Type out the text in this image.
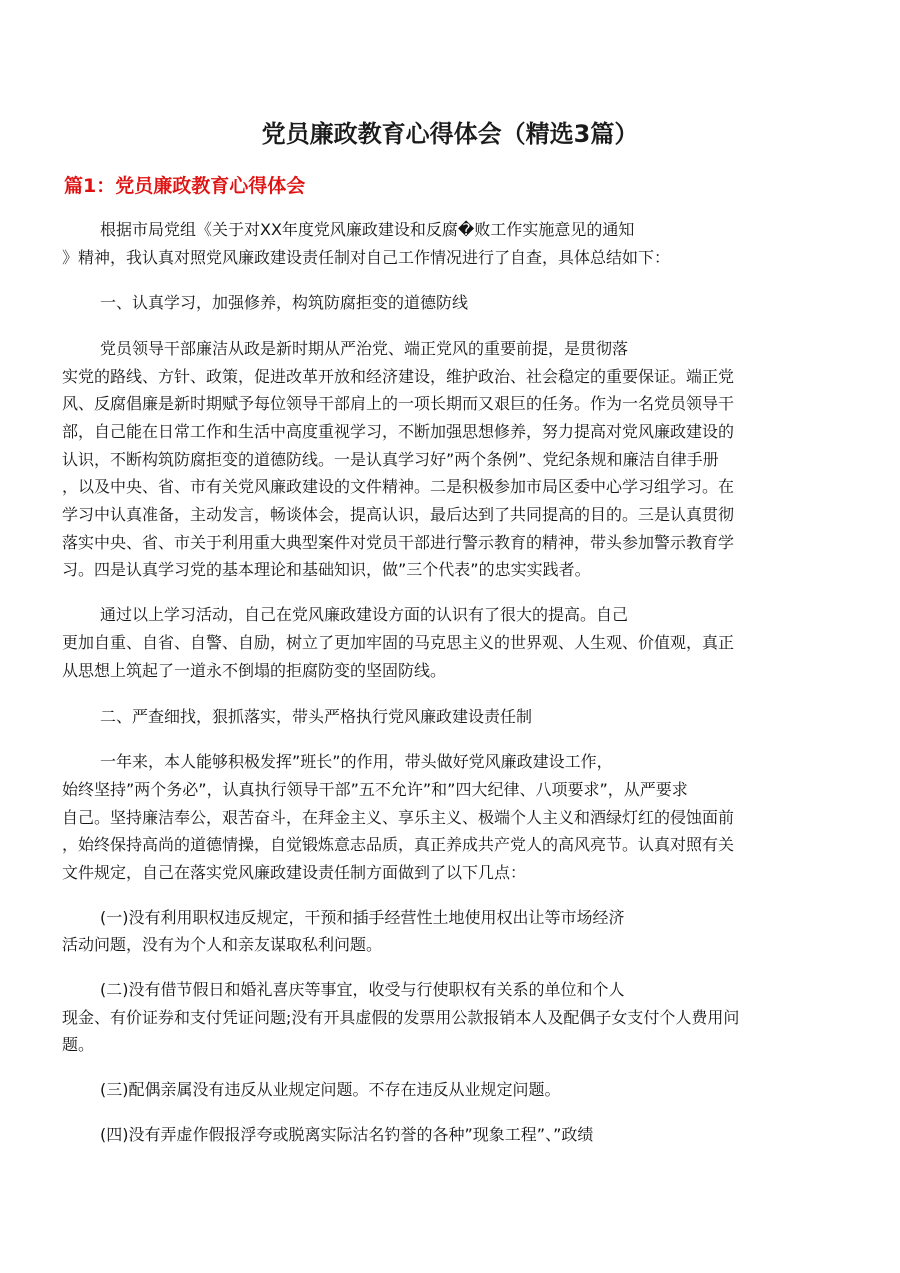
党员廉政教育心得体会（精选3篇）
篇1：党员廉政教育心得体会
根据市局党组《关于对XX年度党风廉政建设和反腐�败工作实施意见的通知
》精神，我认真对照党风廉政建设责任制对自己工作情况进行了自查，具体总结如下：
一、认真学习，加强修养，构筑防腐拒变的道德防线
党员领导干部廉洁从政是新时期从严治党、端正党风的重要前提，是贯彻落
实党的路线、方针、政策，促进改革开放和经济建设，维护政治、社会稳定的重要保证。端正党
风、反腐倡廉是新时期赋予每位领导干部肩上的一项长期而又艰巨的任务。作为一名党员领导干
部，自己能在日常工作和生活中高度重视学习，不断加强思想修养，努力提高对党风廉政建设的
认识，不断构筑防腐拒变的道德防线。一是认真学习好”两个条例”、党纪条规和廉洁自律手册
，以及中央、省、市有关党风廉政建设的文件精神。二是积极参加市局区委中心学习组学习。在
学习中认真准备，主动发言，畅谈体会，提高认识，最后达到了共同提高的目的。三是认真贯彻
落实中央、省、市关于利用重大典型案件对党员干部进行警示教育的精神，带头参加警示教育学
习。四是认真学习党的基本理论和基础知识，做”三个代表”的忠实实践者。
通过以上学习活动，自己在党风廉政建设方面的认识有了很大的提高。自己
更加自重、自省、自警、自励，树立了更加牢固的马克思主义的世界观、人生观、价值观，真正
从思想上筑起了一道永不倒塌的拒腐防变的坚固防线。
二、严查细找，狠抓落实，带头严格执行党风廉政建设责任制
一年来，本人能够积极发挥”班长”的作用，带头做好党风廉政建设工作，
始终坚持”两个务必”，认真执行领导干部”五不允许”和”四大纪律、八项要求”，从严要求
自己。坚持廉洁奉公，艰苦奋斗，在拜金主义、享乐主义、极端个人主义和酒绿灯红的侵蚀面前
，始终保持高尚的道德情操，自觉锻炼意志品质，真正养成共产党人的高风亮节。认真对照有关
文件规定，自己在落实党风廉政建设责任制方面做到了以下几点：
(一)没有利用职权违反规定，干预和插手经营性土地使用权出让等市场经济
活动问题，没有为个人和亲友谋取私利问题。
(二)没有借节假日和婚礼喜庆等事宜，收受与行使职权有关系的单位和个人
现金、有价证券和支付凭证问题;没有开具虚假的发票用公款报销本人及配偶子女支付个人费用问
题。
(三)配偶亲属没有违反从业规定问题。不存在违反从业规定问题。
(四)没有弄虚作假报浮夸或脱离实际沽名钓誉的各种”现象工程”、”政绩
